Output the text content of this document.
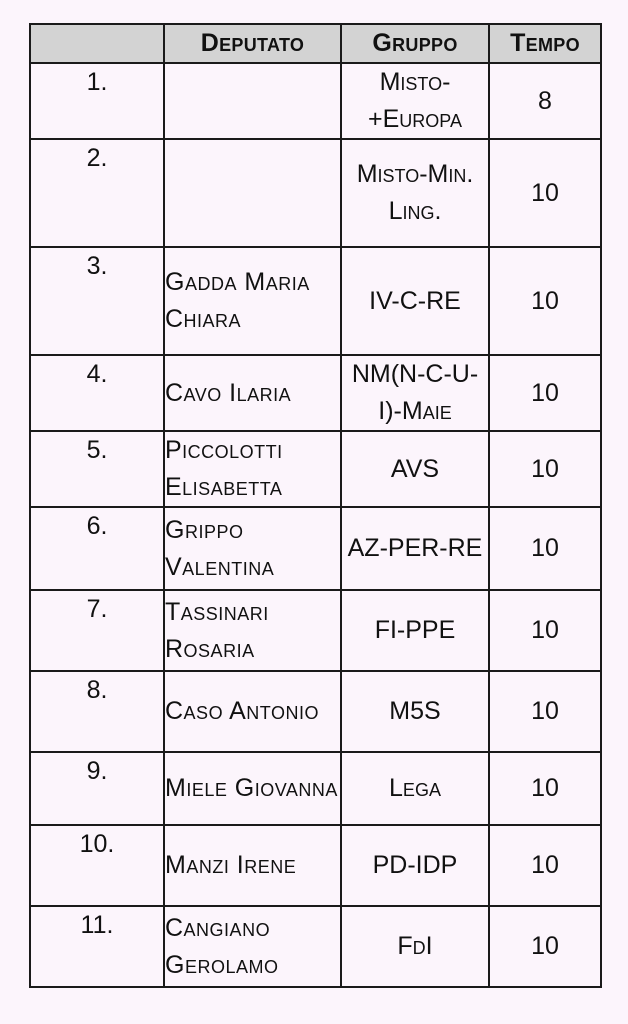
	Deputato	Gruppo	Tempo
1.		Misto-+Europa	8
2.		Misto-Min. Ling.	10
3.	Gadda Maria Chiara	IV-C-RE	10
4.	Cavo Ilaria	NM(N-C-U-I)-Maie	10
5.	Piccolotti Elisabetta	AVS	10
6.	Grippo Valentina	AZ-PER-RE	10
7.	Tassinari Rosaria	FI-PPE	10
8.	Caso Antonio	M5S	10
9.	Miele Giovanna	Lega	10
10.	Manzi Irene	PD-IDP	10
11.	Cangiano Gerolamo	FdI	10
